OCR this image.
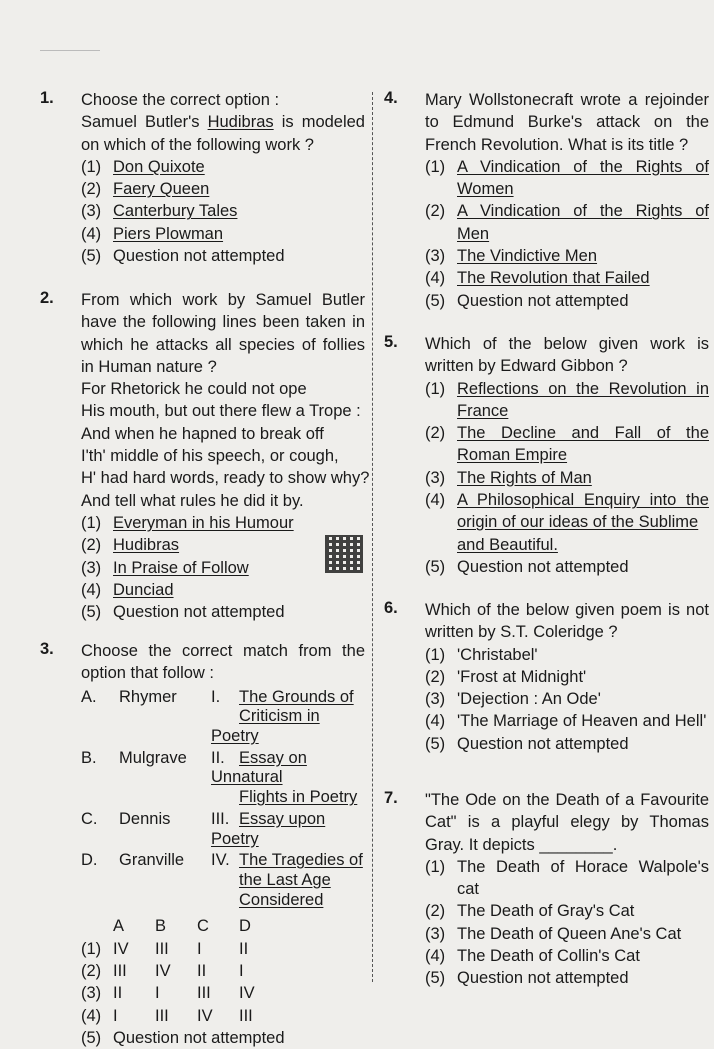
1. Choose the correct option :
Samuel Butler's Hudibras is modeled
on which of the following work ?
(1) Don Quixote
(2) Faery Queen
(3) Canterbury Tales
(4) Piers Plowman
(5) Question not attempted
2. From which work by Samuel Butler
have the following lines been taken in
which he attacks all species of follies
in Human nature ?
For Rhetorick he could not ope
His mouth, but out there flew a Trope :
And when he hapned to break off
I'th' middle of his speech, or cough,
H' had hard words, ready to show why?
And tell what rules he did it by.
(1) Everyman in his Humour
(2) Hudibras
(3) In Praise of Follow
(4) Dunciad
(5) Question not attempted
3. Choose the correct match from the
option that follow :
A.	Rhymer	I. The Grounds of
Criticism in Poetry
B.	Mulgrave	II. Essay on Unnatural
Flights in Poetry
C.	Dennis	III. Essay upon Poetry
D.	Granville	IV. The Tragedies of
the Last Age
Considered
A	B	C	D
(1) IV	III	I	II
(2) III	IV	II	I
(3) II	I	III	IV
(4) I	III	IV	III
(5) Question not attempted
4. Mary Wollstonecraft wrote a rejoinder
to Edmund Burke's attack on the
French Revolution. What is its title ?
(1) A Vindication of the Rights of
Women
(2) A Vindication of the Rights of
Men
(3) The Vindictive Men
(4) The Revolution that Failed
(5) Question not attempted
5. Which of the below given work is
written by Edward Gibbon ?
(1) Reflections on the Revolution in
France
(2) The Decline and Fall of the
Roman Empire
(3) The Rights of Man
(4) A Philosophical Enquiry into the
origin of our ideas of the Sublime
and Beautiful.
(5) Question not attempted
6. Which of the below given poem is not
written by S.T. Coleridge ?
(1) 'Christabel'
(2) 'Frost at Midnight'
(3) 'Dejection : An Ode'
(4) 'The Marriage of Heaven and Hell'
(5) Question not attempted
7. "The Ode on the Death of a Favourite
Cat" is a playful elegy by Thomas
Gray. It depicts ________.
(1) The Death of Horace Walpole's
cat
(2) The Death of Gray's Cat
(3) The Death of Queen Ane's Cat
(4) The Death of Collin's Cat
(5) Question not attempted
